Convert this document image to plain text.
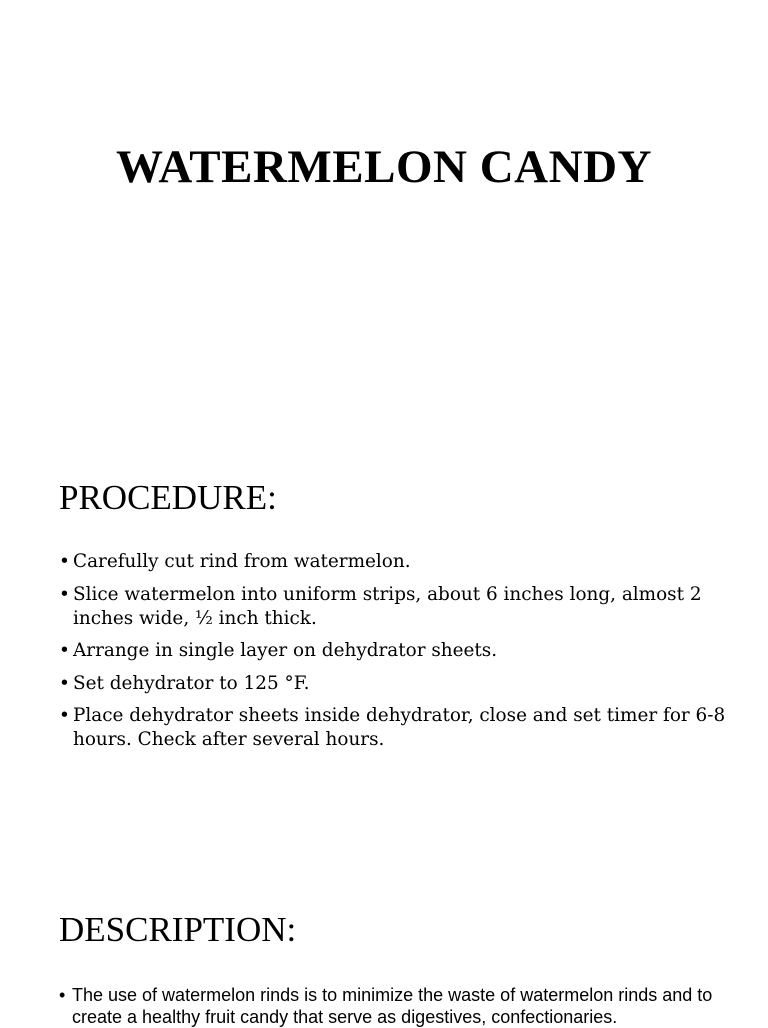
WATERMELON CANDY
PROCEDURE:
• Carefully cut rind from watermelon.
• Slice watermelon into uniform strips, about 6 inches long, almost 2 inches wide, ½ inch thick.
• Arrange in single layer on dehydrator sheets.
• Set dehydrator to 125 °F.
• Place dehydrator sheets inside dehydrator, close and set timer for 6-8 hours. Check after several hours.
DESCRIPTION:
• The use of watermelon rinds is to minimize the waste of watermelon rinds and to create a healthy fruit candy that serve as digestives, confectionaries.
